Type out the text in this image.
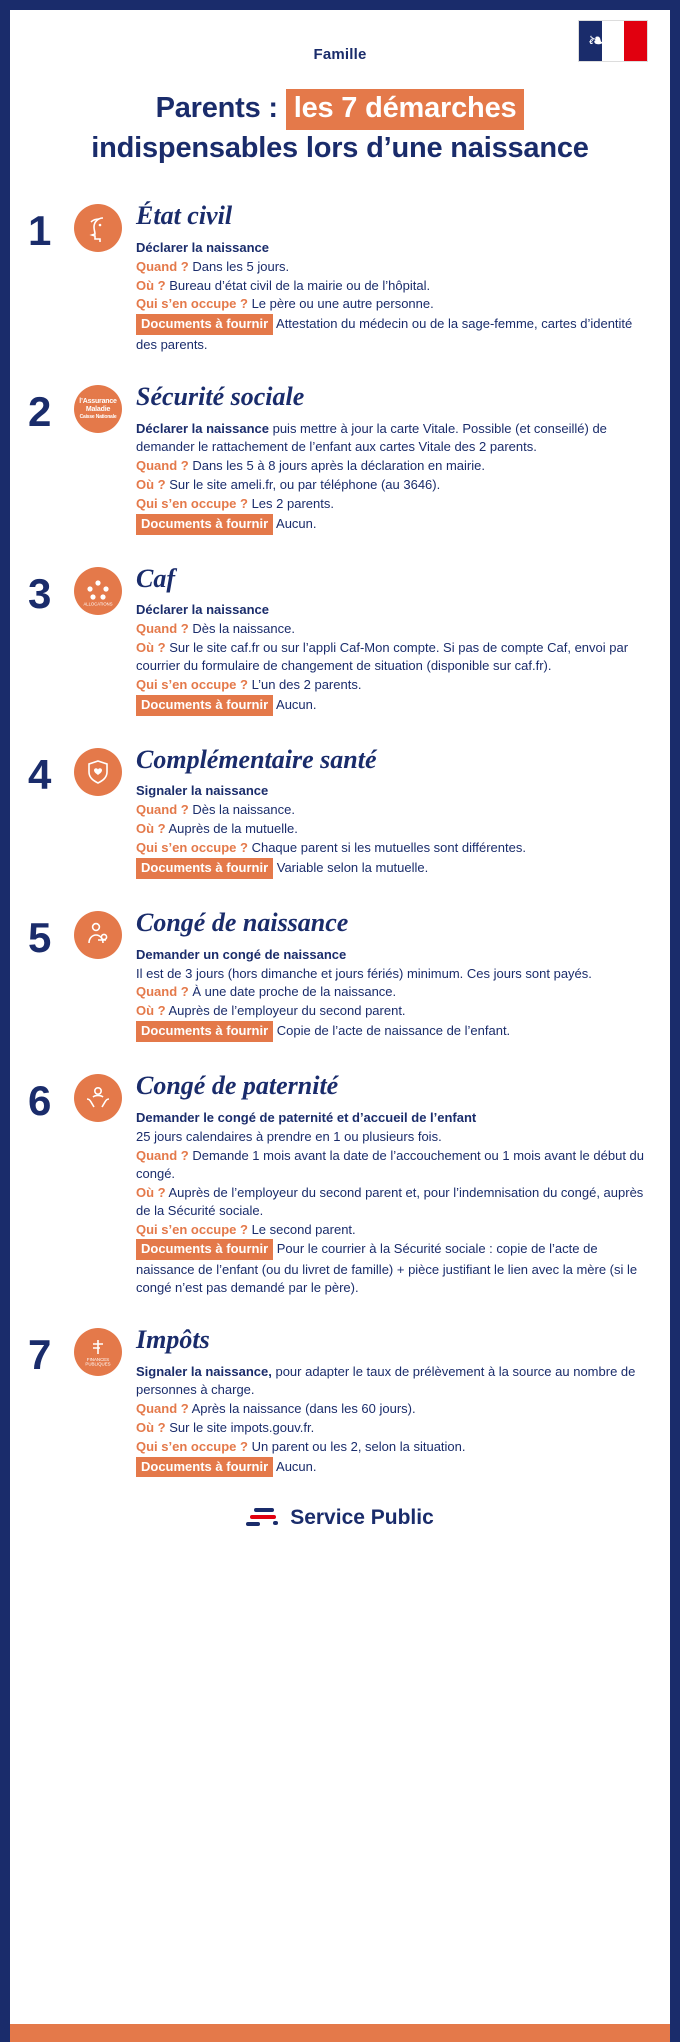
❧
Famille
Parents : les 7 démarches
indispensables lors d’une naissance
1	État civil
Déclarer la naissance
Quand ? Dans les 5 jours.
Où ? Bureau d’état civil de la mairie ou de l’hôpital.
Qui s’en occupe ? Le père ou une autre personne.
Documents à fournir Attestation du médecin ou de la sage-femme, cartes d’identité des parents.
2	l’Assurance
Maladie
Caisse Nationale
Sécurité sociale
Déclarer la naissance puis mettre à jour la carte Vitale. Possible (et conseillé) de demander le rattachement de l’enfant aux cartes Vitale des 2 parents.
Quand ? Dans les 5 à 8 jours après la déclaration en mairie.
Où ? Sur le site ameli.fr, ou par téléphone (au 3646).
Qui s’en occupe ? Les 2 parents.
Documents à fournir Aucun.
3	ALLOCATIONS
Caf
Déclarer la naissance
Quand ? Dès la naissance.
Où ? Sur le site caf.fr ou sur l’appli Caf-Mon compte. Si pas de compte Caf, envoi par courrier du formulaire de changement de situation (disponible sur caf.fr).
Qui s’en occupe ? L’un des 2 parents.
Documents à fournir Aucun.
4	Complémentaire santé
Signaler la naissance
Quand ? Dès la naissance.
Où ? Auprès de la mutuelle.
Qui s’en occupe ? Chaque parent si les mutuelles sont différentes.
Documents à fournir Variable selon la mutuelle.
5	Congé de naissance
Demander un congé de naissance
Il est de 3 jours (hors dimanche et jours fériés) minimum. Ces jours sont payés.
Quand ? À une date proche de la naissance.
Où ? Auprès de l’employeur du second parent.
Documents à fournir Copie de l’acte de naissance de l’enfant.
6	Congé de paternité
Demander le congé de paternité et d’accueil de l’enfant
25 jours calendaires à prendre en 1 ou plusieurs fois.
Quand ? Demande 1 mois avant la date de l’accouchement ou 1 mois avant le début du congé.
Où ? Auprès de l’employeur du second parent et, pour l’indemnisation du congé, auprès de la Sécurité sociale.
Qui s’en occupe ? Le second parent.
Documents à fournir Pour le courrier à la Sécurité sociale : copie de l’acte de naissance de l’enfant (ou du livret de famille) + pièce justifiant le lien avec la mère (si le congé n’est pas demandé par le père).
7	FINANCES
PUBLIQUES
Impôts
Signaler la naissance, pour adapter le taux de prélèvement à la source au nombre de personnes à charge.
Quand ? Après la naissance (dans les 60 jours).
Où ? Sur le site impots.gouv.fr.
Qui s’en occupe ? Un parent ou les 2, selon la situation.
Documents à fournir Aucun.
Service Public
